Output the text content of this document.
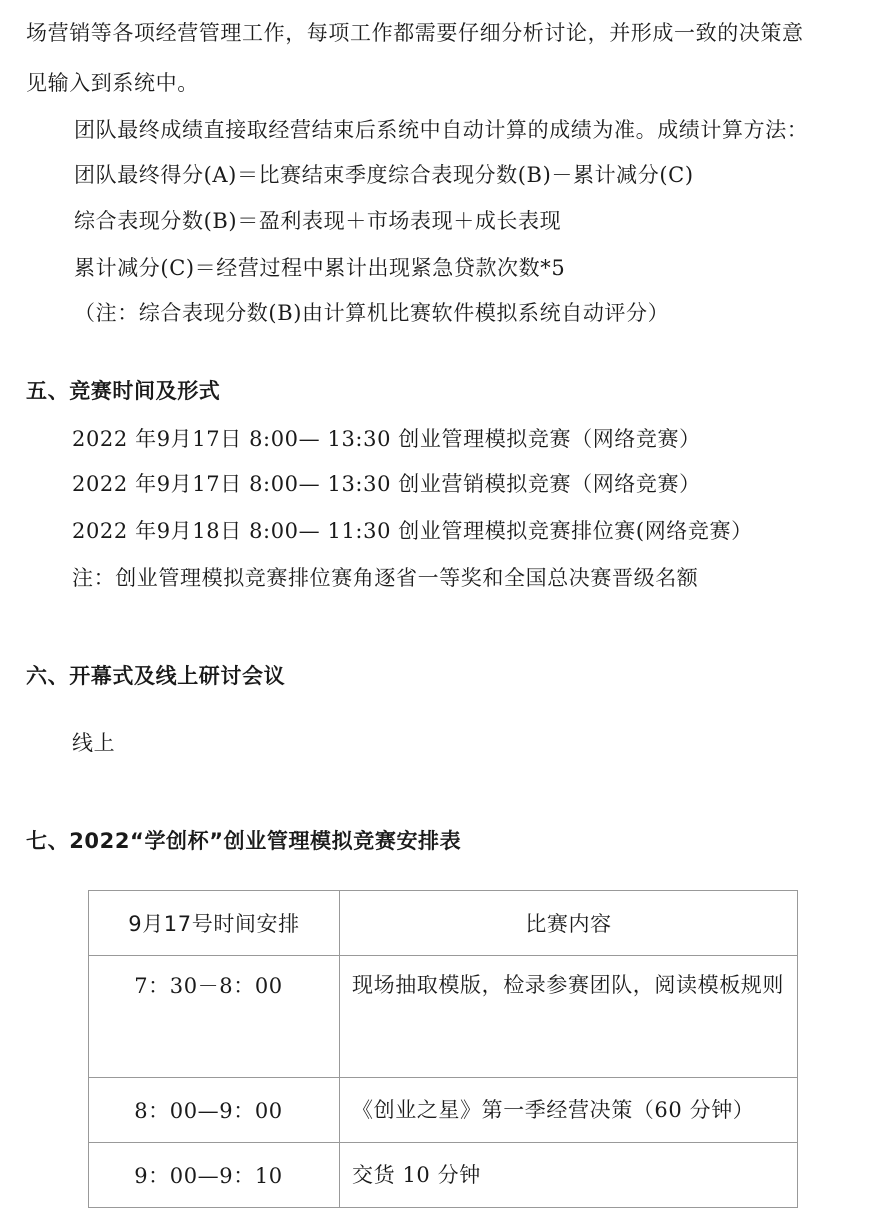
场营销等各项经营管理工作，每项工作都需要仔细分析讨论，并形成一致的决策意
见输入到系统中。
团队最终成绩直接取经营结束后系统中自动计算的成绩为准。成绩计算方法：
团队最终得分(A)＝比赛结束季度综合表现分数(B)－累计减分(C)
综合表现分数(B)＝盈利表现＋市场表现＋成长表现
累计减分(C)＝经营过程中累计出现紧急贷款次数*5
（注：综合表现分数(B)由计算机比赛软件模拟系统自动评分）
五、竞赛时间及形式
2022 年9月17日 8:00— 13:30 创业管理模拟竞赛（网络竞赛）
2022 年9月17日 8:00— 13:30 创业营销模拟竞赛（网络竞赛）
2022 年9月18日 8:00— 11:30 创业管理模拟竞赛排位赛(网络竞赛）
注：创业管理模拟竞赛排位赛角逐省一等奖和全国总决赛晋级名额
六、开幕式及线上研讨会议
线上
七、2022“学创杯”创业管理模拟竞赛安排表
9月17号时间安排	比赛内容
7：30－8：00	现场抽取模版，检录参赛团队，阅读模板规则
8：00—9：00	《创业之星》第一季经营决策（60 分钟）
9：00—9：10	交货 10 分钟
